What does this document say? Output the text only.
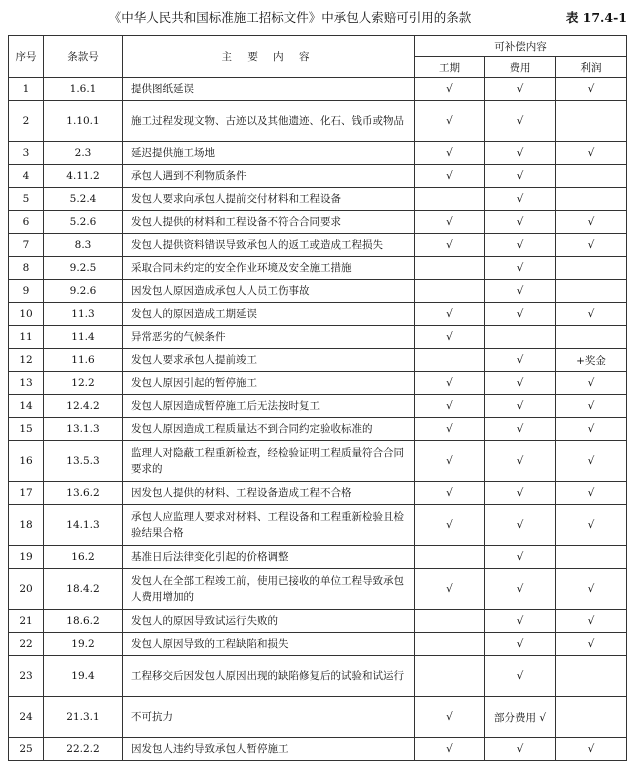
《中华人民共和国标准施工招标文件》中承包人索赔可引用的条款	表 17.4-1
序号	条款号	主 要 内 容	可补偿内容		
			工期	费用	利润
1	1.6.1	提供图纸延误	√	√	√
2	1.10.1	施工过程发现文物、古迹以及其他遗迹、化石、钱币或物品	√	√	
3	2.3	延迟提供施工场地	√	√	√
4	4.11.2	承包人遇到不利物质条件	√	√	
5	5.2.4	发包人要求向承包人提前交付材料和工程设备		√	
6	5.2.6	发包人提供的材料和工程设备不符合合同要求	√	√	√
7	8.3	发包人提供资料错误导致承包人的返工或造成工程损失	√	√	√
8	9.2.5	采取合同未约定的安全作业环境及安全施工措施		√	
9	9.2.6	因发包人原因造成承包人人员工伤事故		√	
10	11.3	发包人的原因造成工期延误	√	√	√
11	11.4	异常恶劣的气候条件	√		
12	11.6	发包人要求承包人提前竣工		√	+奖金
13	12.2	发包人原因引起的暂停施工	√	√	√
14	12.4.2	发包人原因造成暂停施工后无法按时复工	√	√	√
15	13.1.3	发包人原因造成工程质量达不到合同约定验收标准的	√	√	√
16	13.5.3	监理人对隐蔽工程重新检查，经检验证明工程质量符合合同要求的	√	√	√
17	13.6.2	因发包人提供的材料、工程设备造成工程不合格	√	√	√
18	14.1.3	承包人应监理人要求对材料、工程设备和工程重新检验且检验结果合格	√	√	√
19	16.2	基准日后法律变化引起的价格调整		√	
20	18.4.2	发包人在全部工程竣工前，使用已接收的单位工程导致承包人费用增加的	√	√	√
21	18.6.2	发包人的原因导致试运行失败的		√	√
22	19.2	发包人原因导致的工程缺陷和损失		√	√
23	19.4	工程移交后因发包人原因出现的缺陷修复后的试验和试运行		√	
24	21.3.1	不可抗力	√	部分费用 √	
25	22.2.2	因发包人违约导致承包人暂停施工	√	√	√
